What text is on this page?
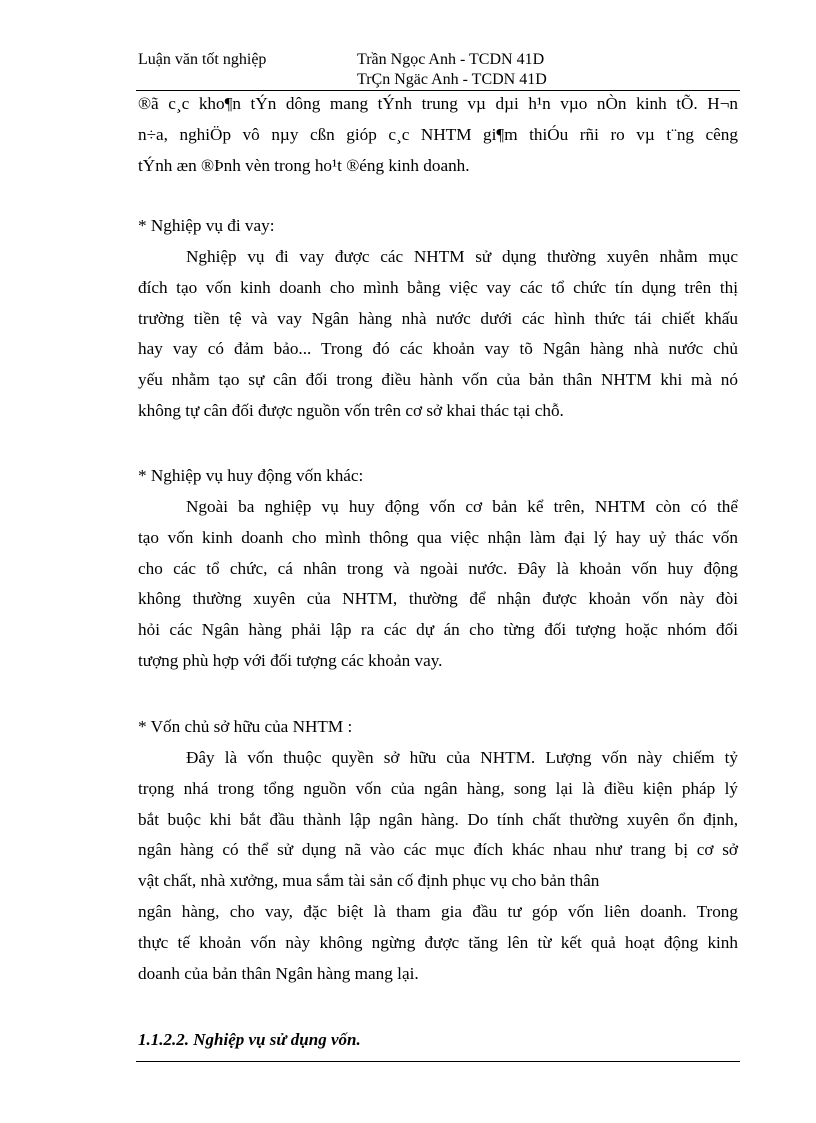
Luận văn tốt nghiệp	Trần Ngọc Anh - TCDN 41D
TrÇn Ngäc Anh - TCDN 41D

®ã c¸c kho¶n tÝn dông mang tÝnh trung vµ dµi h¹n vµo nÒn kinh tÕ. H¬n

n÷a, nghiÖp vô nµy cßn gióp c¸c NHTM gi¶m thiÓu rñi ro vµ t¨ng cêng

tÝnh æn ®Þnh vèn trong ho¹t ®éng kinh doanh.

* Nghiệp vụ đi vay:

Nghiệp vụ đi vay được các NHTM sử dụng thường xuyên nhằm mục

đích tạo vốn kinh doanh cho mình bằng việc vay các tổ chức tín dụng trên thị

trường tiền tệ và vay Ngân hàng nhà nước dưới các hình thức tái chiết khấu

hay vay có đảm bảo... Trong đó các khoản vay tõ Ngân hàng nhà nước chủ

yếu nhằm tạo sự cân đối trong điều hành vốn của bản thân NHTM khi mà nó

không tự cân đối được nguồn vốn trên cơ sở khai thác tại chỗ.

* Nghiệp vụ huy động vốn khác:

Ngoài ba nghiệp vụ huy động vốn cơ bản kể trên, NHTM còn có thể

tạo vốn kinh doanh cho mình thông qua việc nhận làm đại lý hay uỷ thác vốn

cho các tổ chức, cá nhân trong và ngoài nước. Đây là khoản vốn huy động

không thường xuyên của NHTM, thường để nhận được khoản vốn này đòi

hỏi các Ngân hàng phải lập ra các dự án cho từng đối tượng hoặc nhóm đối

tượng phù hợp với đối tượng các khoản vay.

* Vốn chủ sở hữu của NHTM :

Đây là vốn thuộc quyền sở hữu của NHTM. Lượng vốn này chiếm tỷ

trọng nhá trong tổng nguồn vốn của ngân hàng, song lại là điều kiện pháp lý

bắt buộc khi bắt đầu thành lập ngân hàng. Do tính chất thường xuyên ổn định,

ngân hàng có thể sử dụng nã vào các mục đích khác nhau như trang bị cơ sở

vật chất, nhà xưởng, mua sắm tài sản cố định phục vụ cho bản thân

ngân hàng, cho vay, đặc biệt là tham gia đầu tư góp vốn liên doanh. Trong

thực tế khoản vốn này không ngừng được tăng lên từ kết quả hoạt động kinh

doanh của bản thân Ngân hàng mang lại.

1.1.2.2. Nghiệp vụ sử dụng vốn.
